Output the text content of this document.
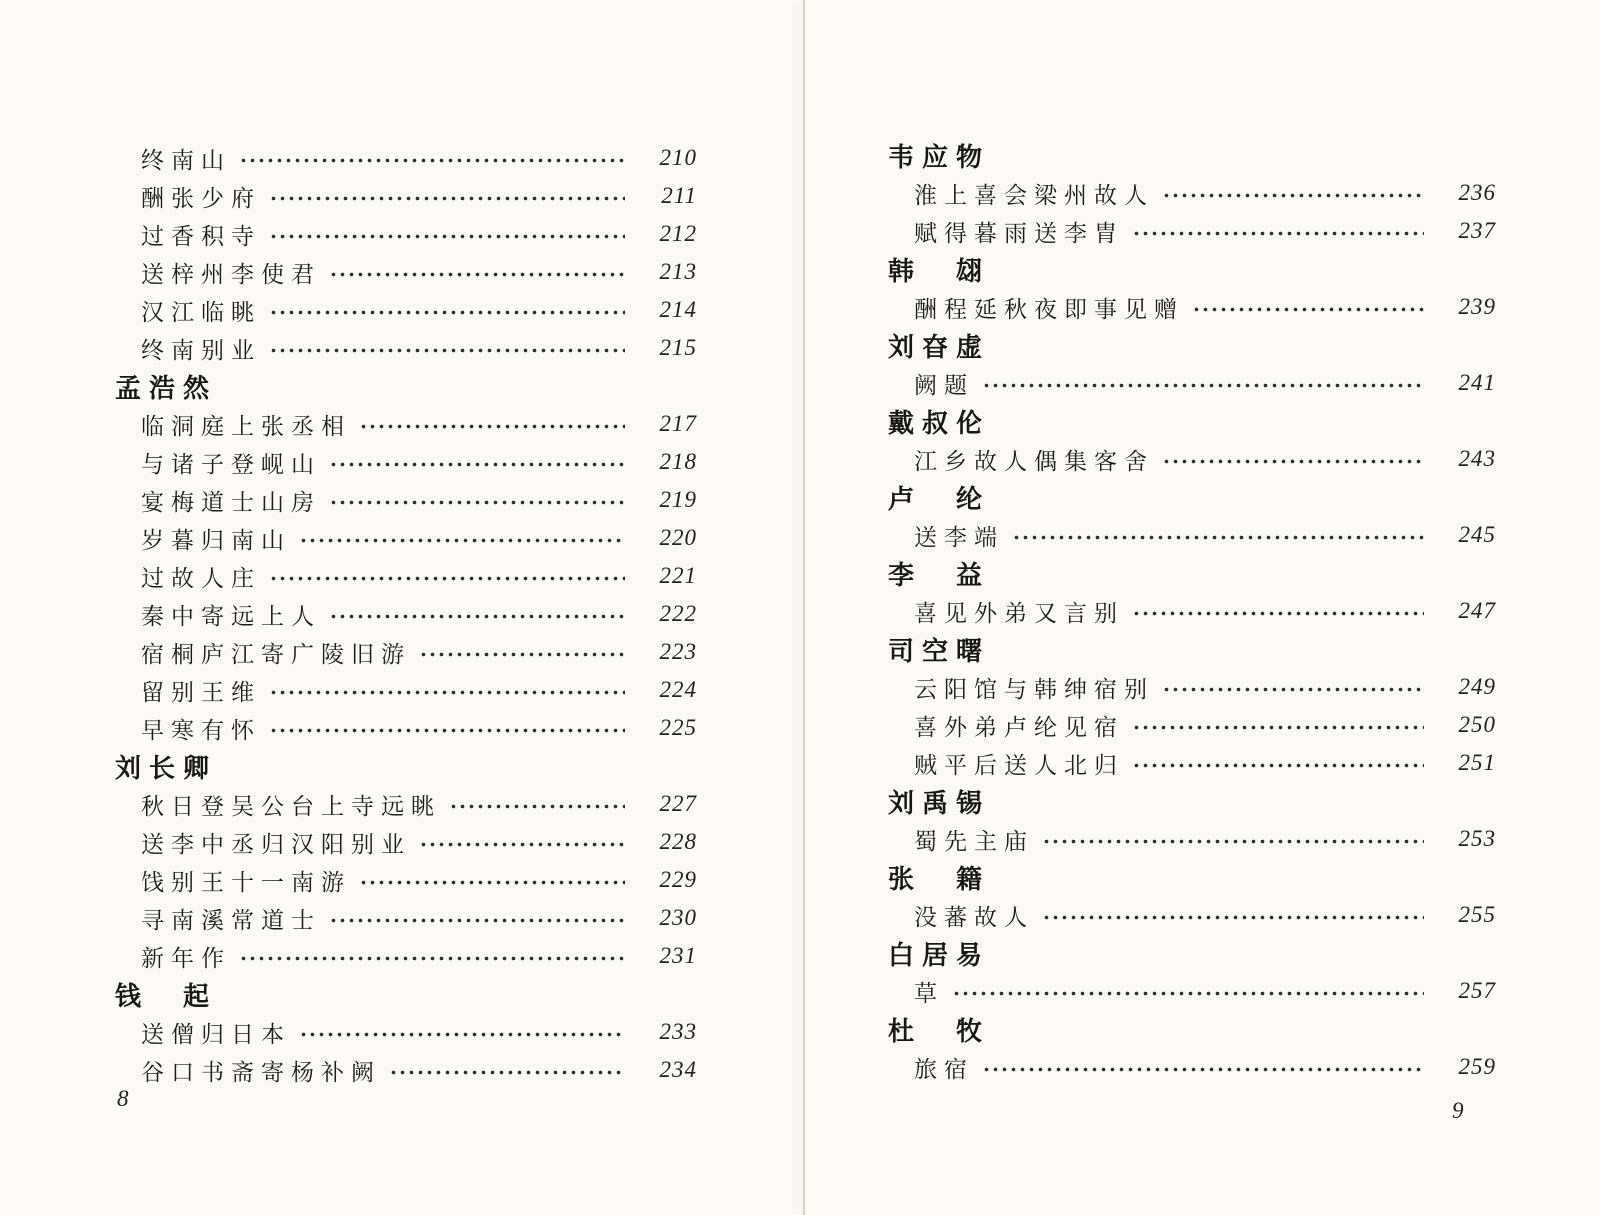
终南山	210
酬张少府	211
过香积寺	212
送梓州李使君	213
汉江临眺	214
终南别业	215
孟浩然
临洞庭上张丞相	217
与诸子登岘山	218
宴梅道士山房	219
岁暮归南山	220
过故人庄	221
秦中寄远上人	222
宿桐庐江寄广陵旧游	223
留别王维	224
早寒有怀	225
刘长卿
秋日登吴公台上寺远眺	227
送李中丞归汉阳别业	228
饯别王十一南游	229
寻南溪常道士	230
新年作	231
钱　起
送僧归日本	233
谷口书斋寄杨补阙	234
韦应物
淮上喜会梁州故人	236
赋得暮雨送李胄	237
韩　翃
酬程延秋夜即事见赠	239
刘昚虚
阙题	241
戴叔伦
江乡故人偶集客舍	243
卢　纶
送李端	245
李　益
喜见外弟又言别	247
司空曙
云阳馆与韩绅宿别	249
喜外弟卢纶见宿	250
贼平后送人北归	251
刘禹锡
蜀先主庙	253
张　籍
没蕃故人	255
白居易
草	257
杜　牧
旅宿	259
8	9
